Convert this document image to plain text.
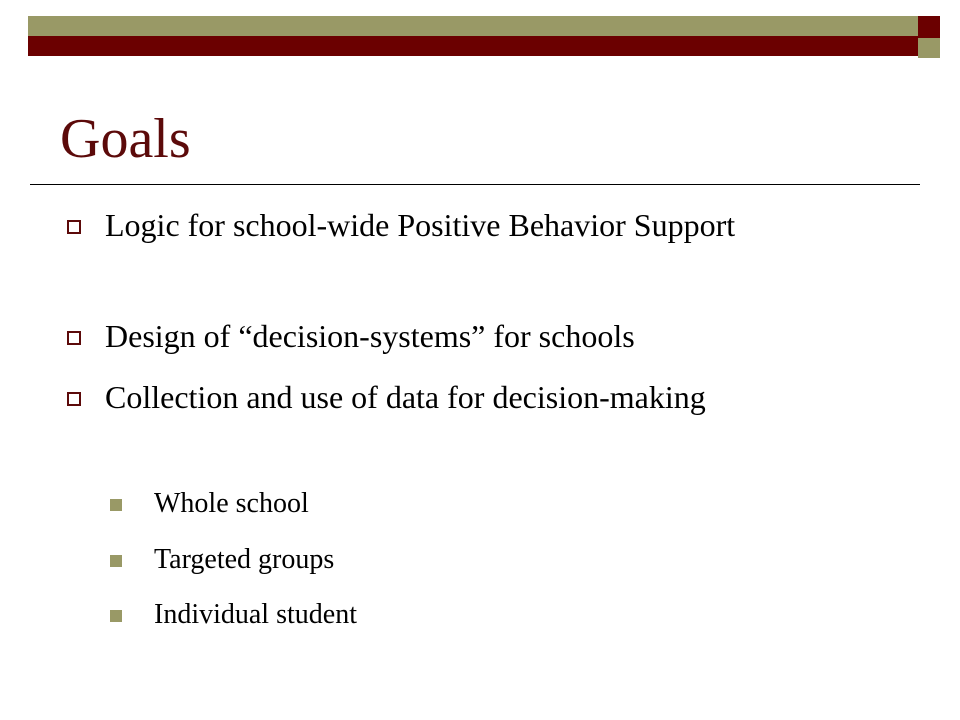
Goals
Logic for school-wide Positive Behavior Support
Design of “decision-systems” for schools
Collection and use of data for decision-making
Whole school
Targeted groups
Individual student
